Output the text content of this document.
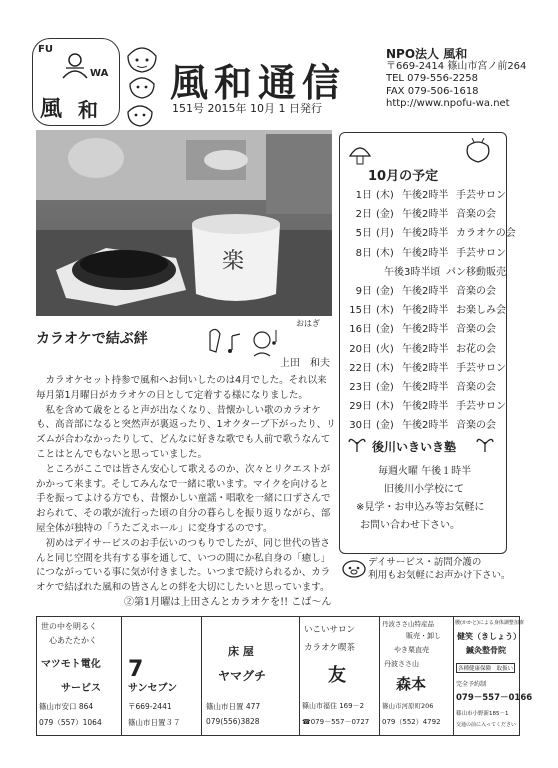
FU
WA
風 和
風和通信
151号 2015年 10月 1 日発行
NPO法人 風和
〒669-2414 篠山市宮ノ前264
TEL 079-556-2258
FAX 079-506-1618
http://www.npofu-wa.net
楽
おはぎ
10月の予定
1日 (木) 午後2時半 手芸サロン
2日 (金) 午後2時半 音楽の会
5日 (月) 午後2時半 カラオケの会
8日 (木) 午後2時半 手芸サロン
午後3時半頃 パン移動販売
9日 (金) 午後2時半 音楽の会
15日 (木) 午後2時半 お楽しみ会
16日 (金) 午後2時半 音楽の会
20日 (火) 午後2時半 お花の会
22日 (木) 午後2時半 手芸サロン
23日 (金) 午後2時半 音楽の会
29日 (木) 午後2時半 手芸サロン
30日 (金) 午後2時半 音楽の会
後川いきいき塾
毎週火曜 午後１時半
旧後川小学校にて
※見学・お申込み等お気軽に
お問い合わせ下さい。
デイサービス・訪問介護の
利用もお気軽にお声かけ下さい。
カラオケで結ぶ絆
上田　和夫

カラオケセット持参で風和へお伺いしたのは4月でした。それ以来毎月第1月曜日がカラオケの日として定着する様になりました。

私を含めて歳をとると声が出なくなり、昔懐かしい歌のカラオケも、高音部になると突然声が裏返ったり、1オクターブ下がったり、リズムが合わなかったりして、どんなに好きな歌でも人前で歌うなんてことはとんでもないと思っていました。

ところがここでは皆さん安心して歌えるのか、次々とリクエストがかかって来ます。そしてみんなで一緒に歌います。マイクを向けると手を振ってよける方でも、昔懐かしい童謡・唱歌を一緒に口ずさんでおられて、その歌が流行った頃の自分の暮らしを振り返りながら、部屋全体が独特の「うたごえホール」に変身するのです。

初めはデイサービスのお手伝いのつもりでしたが、同じ世代の皆さんと同じ空間を共有する事を通して、いつの間にか私自身の「癒し」につながっている事に気が付きました。いつまで続けられるか、カラオケで結ばれた風和の皆さんとの絆を大切にしたいと思っています。

②第1月曜は上田さんとカラオケを!! こば～ん
世の中を明るく
心あたたかく
マツモト電化
サービス
篠山市安口 864
079（557）1064
7
サンセブン
〒669-2441
篠山市日置３７
床 屋
ヤマグチ
篠山市日置 477
079(556)3828
いこいサロン
カラオケ喫茶
友
篠山市福住 169－2
☎079－557－0727
丹波ささ山特産品
販売・卸し
やき栗直売
丹波ささ山
森本
篠山市河原町206
079（552）4792
腰(かかと)による身体調整加療
健笑（きしょう）
鍼灸整骨院
各種健康保険　取扱い
完全予約制
079－557－0166
篠山市小野新185－1
交通の前に入ってください
